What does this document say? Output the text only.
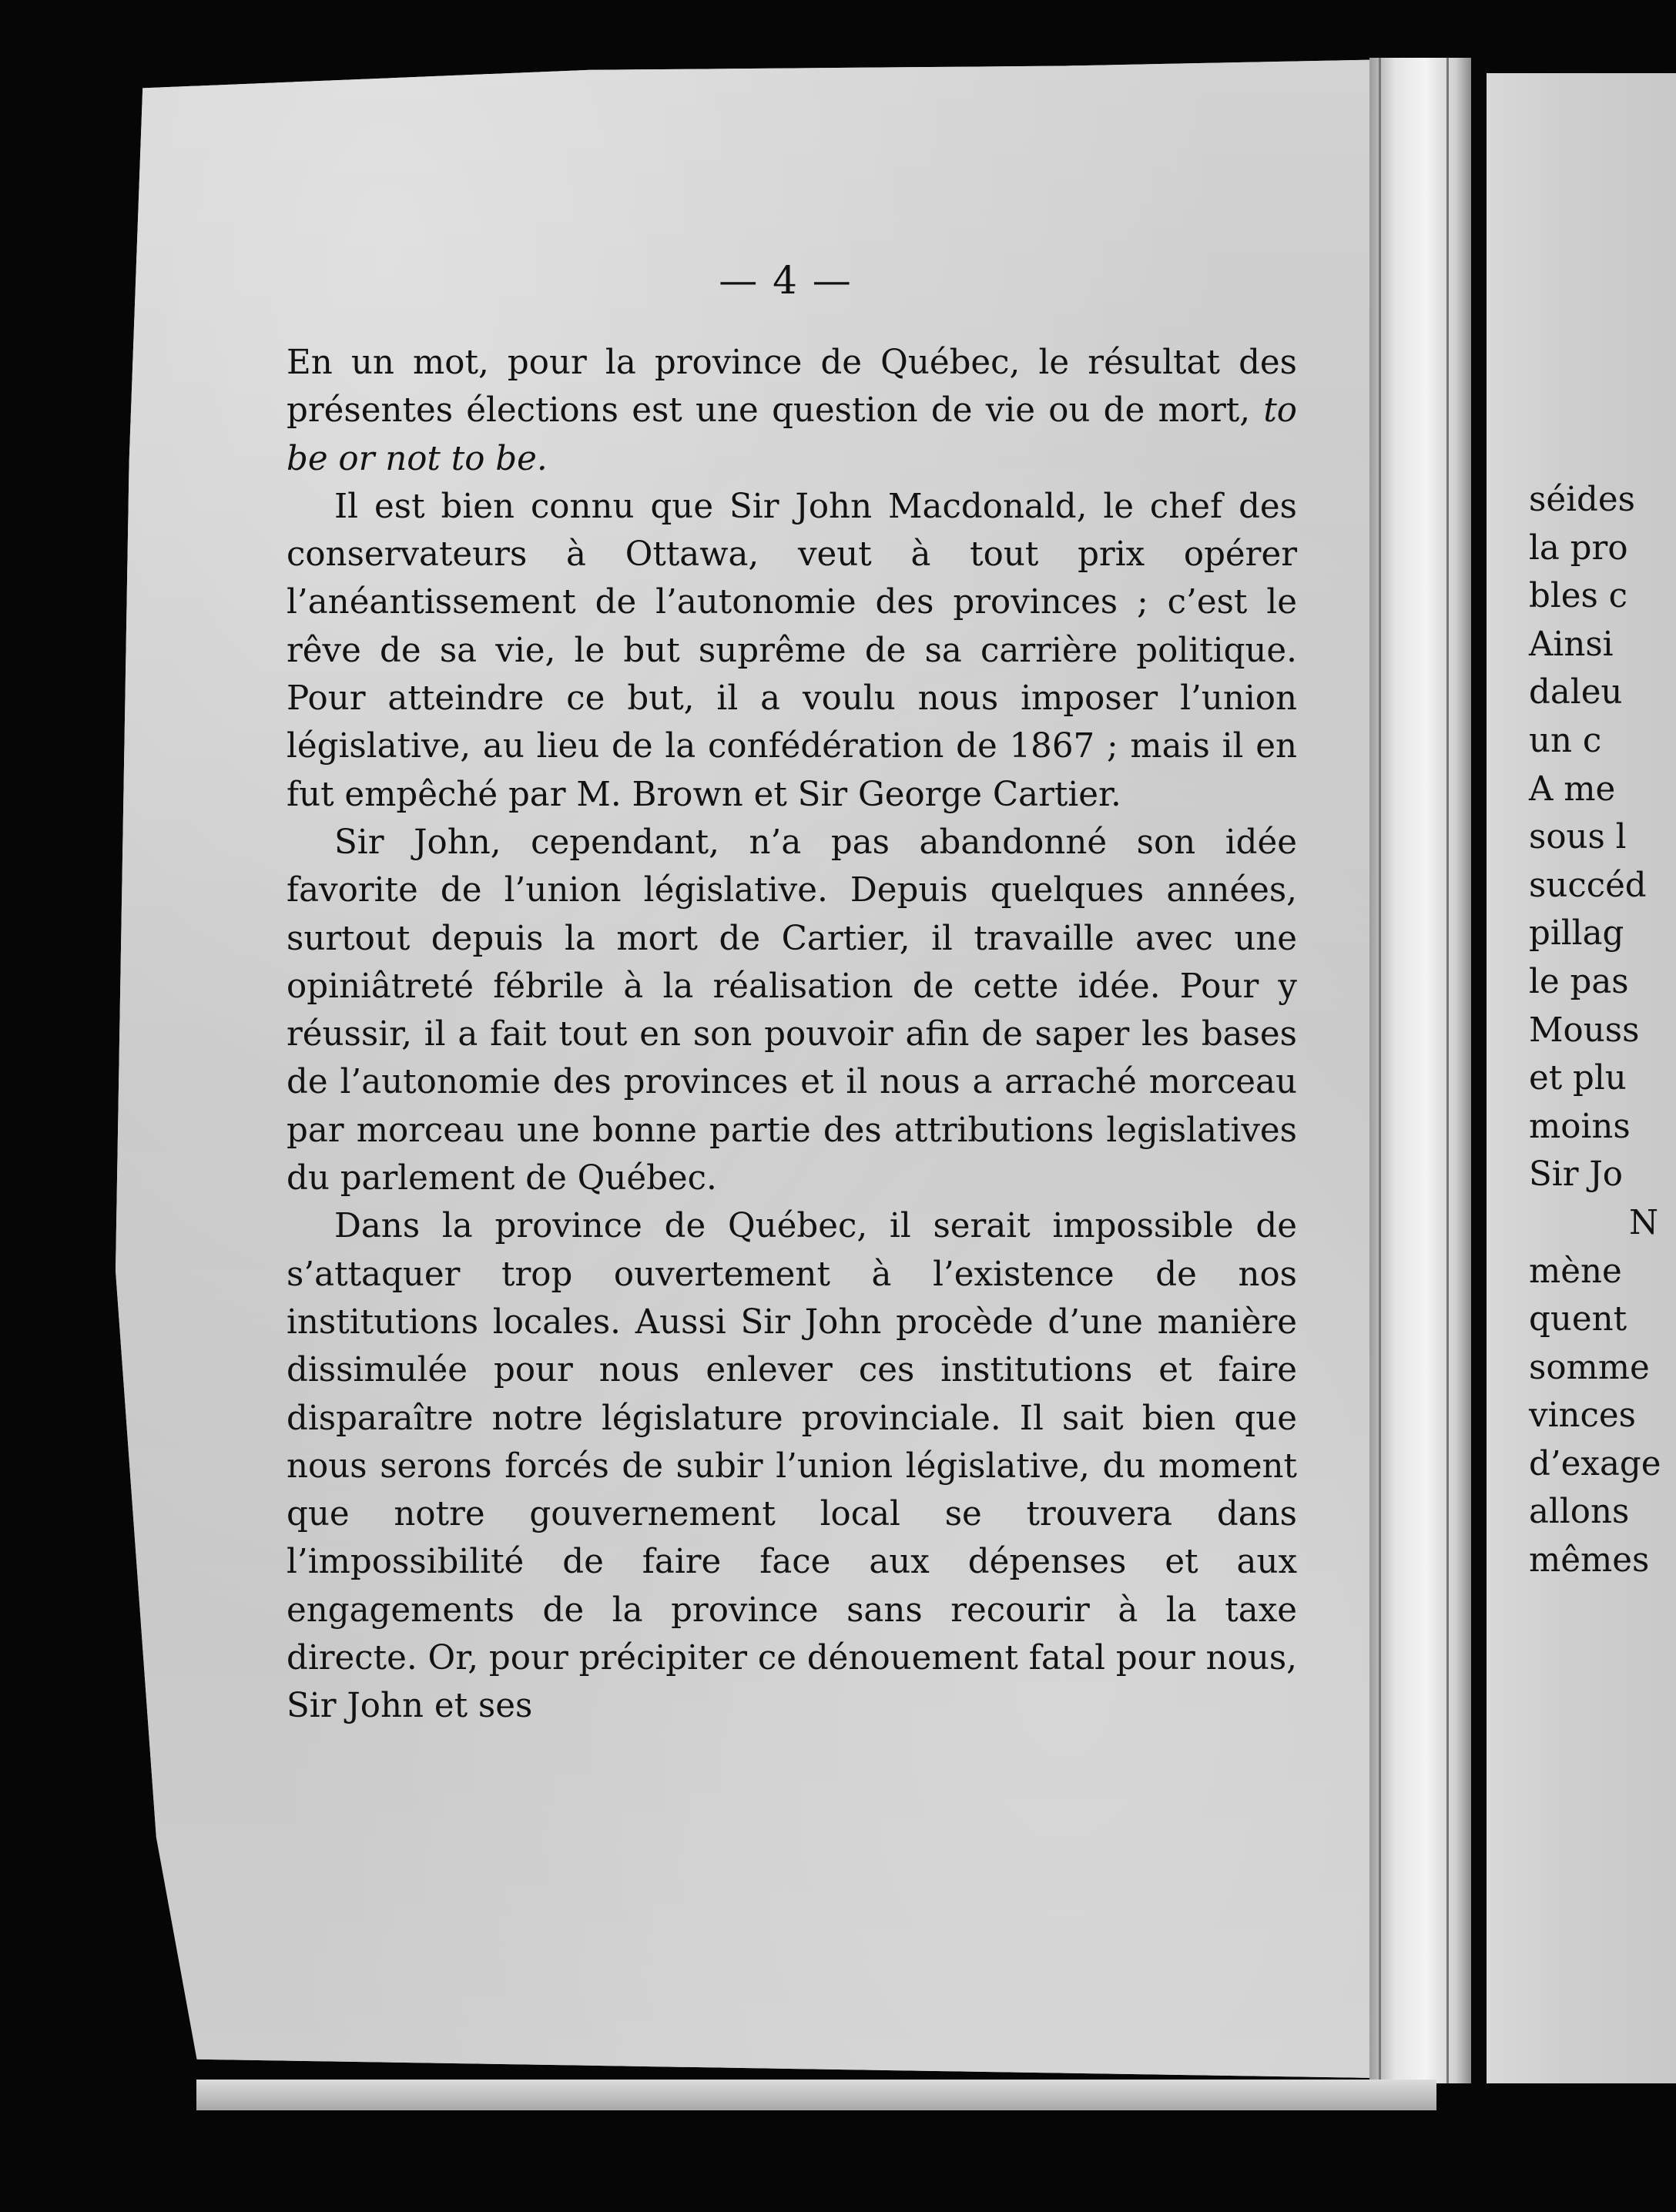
— 4 —

En un mot, pour la province de Québec, le résultat des présentes élections est une question de vie ou de mort, to be or not to be.

Il est bien connu que Sir John Macdonald, le chef des conservateurs à Ottawa, veut à tout prix opérer l’anéantissement de l’autonomie des provinces ; c’est le rêve de sa vie, le but suprême de sa carrière politique. Pour atteindre ce but, il a voulu nous imposer l’union législative, au lieu de la confédération de 1867 ; mais il en fut empêché par M. Brown et Sir George Cartier.

Sir John, cependant, n’a pas abandonné son idée favorite de l’union législative. Depuis quelques années, surtout depuis la mort de Cartier, il travaille avec une opiniâtreté fébrile à la réalisation de cette idée. Pour y réussir, il a fait tout en son pouvoir afin de saper les bases de l’autonomie des provinces et il nous a arraché morceau par morceau une bonne partie des attributions legislatives du parlement de Québec.

Dans la province de Québec, il serait impossible de s’attaquer trop ouvertement à l’existence de nos institutions locales. Aussi Sir John procède d’une manière dissimulée pour nous enlever ces institutions et faire disparaître notre législature provinciale. Il sait bien que nous serons forcés de subir l’union législative, du moment que notre gouvernement local se trouvera dans l’impossibilité de faire face aux dépenses et aux engagements de la province sans recourir à la taxe directe. Or, pour précipiter ce dénouement fatal pour nous, Sir John et ses

séides
la pro
bles c
Ainsi
daleu
un c
A me
sous l
succéd
pillag
le pas
Mouss
et plu
moins
Sir Jo
N
mène
quent
somme
vinces
d’exage
allons
mêmes
